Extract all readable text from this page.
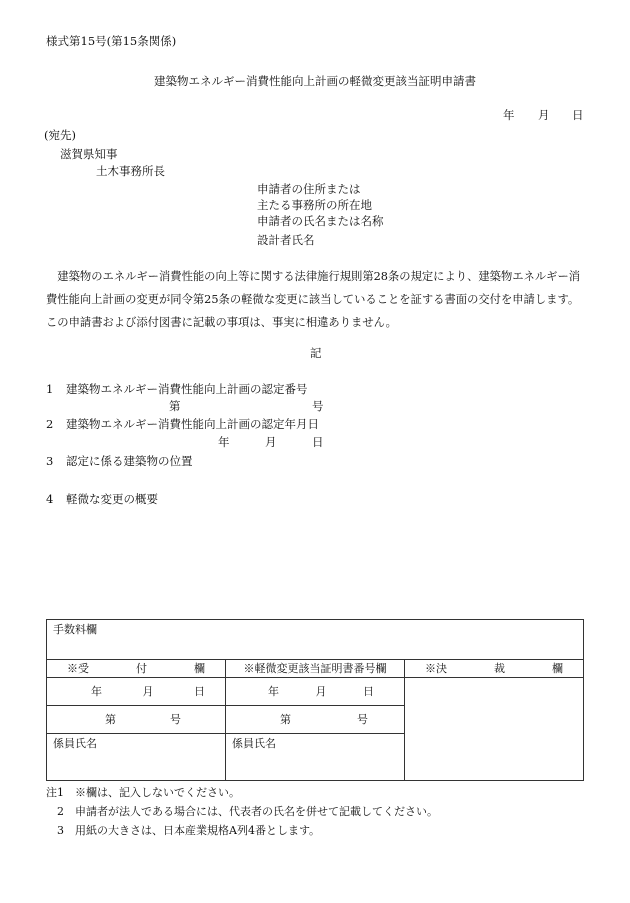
様式第15号(第15条関係)
建築物エネルギー消費性能向上計画の軽微変更該当証明申請書
年 月 日
(宛先)
滋賀県知事
土木事務所長
申請者の住所または
主たる事務所の所在地
申請者の氏名または名称
設計者氏名
建築物のエネルギー消費性能の向上等に関する法律施行規則第28条の規定により、建築物エネルギー消費性能向上計画の変更が同令第25条の軽微な変更に該当していることを証する書面の交付を申請します。この申請書および添付図書に記載の事項は、事実に相違ありません。
記
1 建築物エネルギー消費性能向上計画の認定番号
第	号
2 建築物エネルギー消費性能向上計画の認定年月日
年	月	日
3 認定に係る建築物の位置
4 軽微な変更の概要
手数料欄		

※受 付 欄	※軽微変更該当証明書番号欄	※決 裁 欄

年 月 日	年 月 日	

第 号	第 号	

係員氏名	係員氏名	
注1　※欄は、記入しないでください。
　2　申請者が法人である場合には、代表者の氏名を併せて記載してください。
　3　用紙の大きさは、日本産業規格A列4番とします。
